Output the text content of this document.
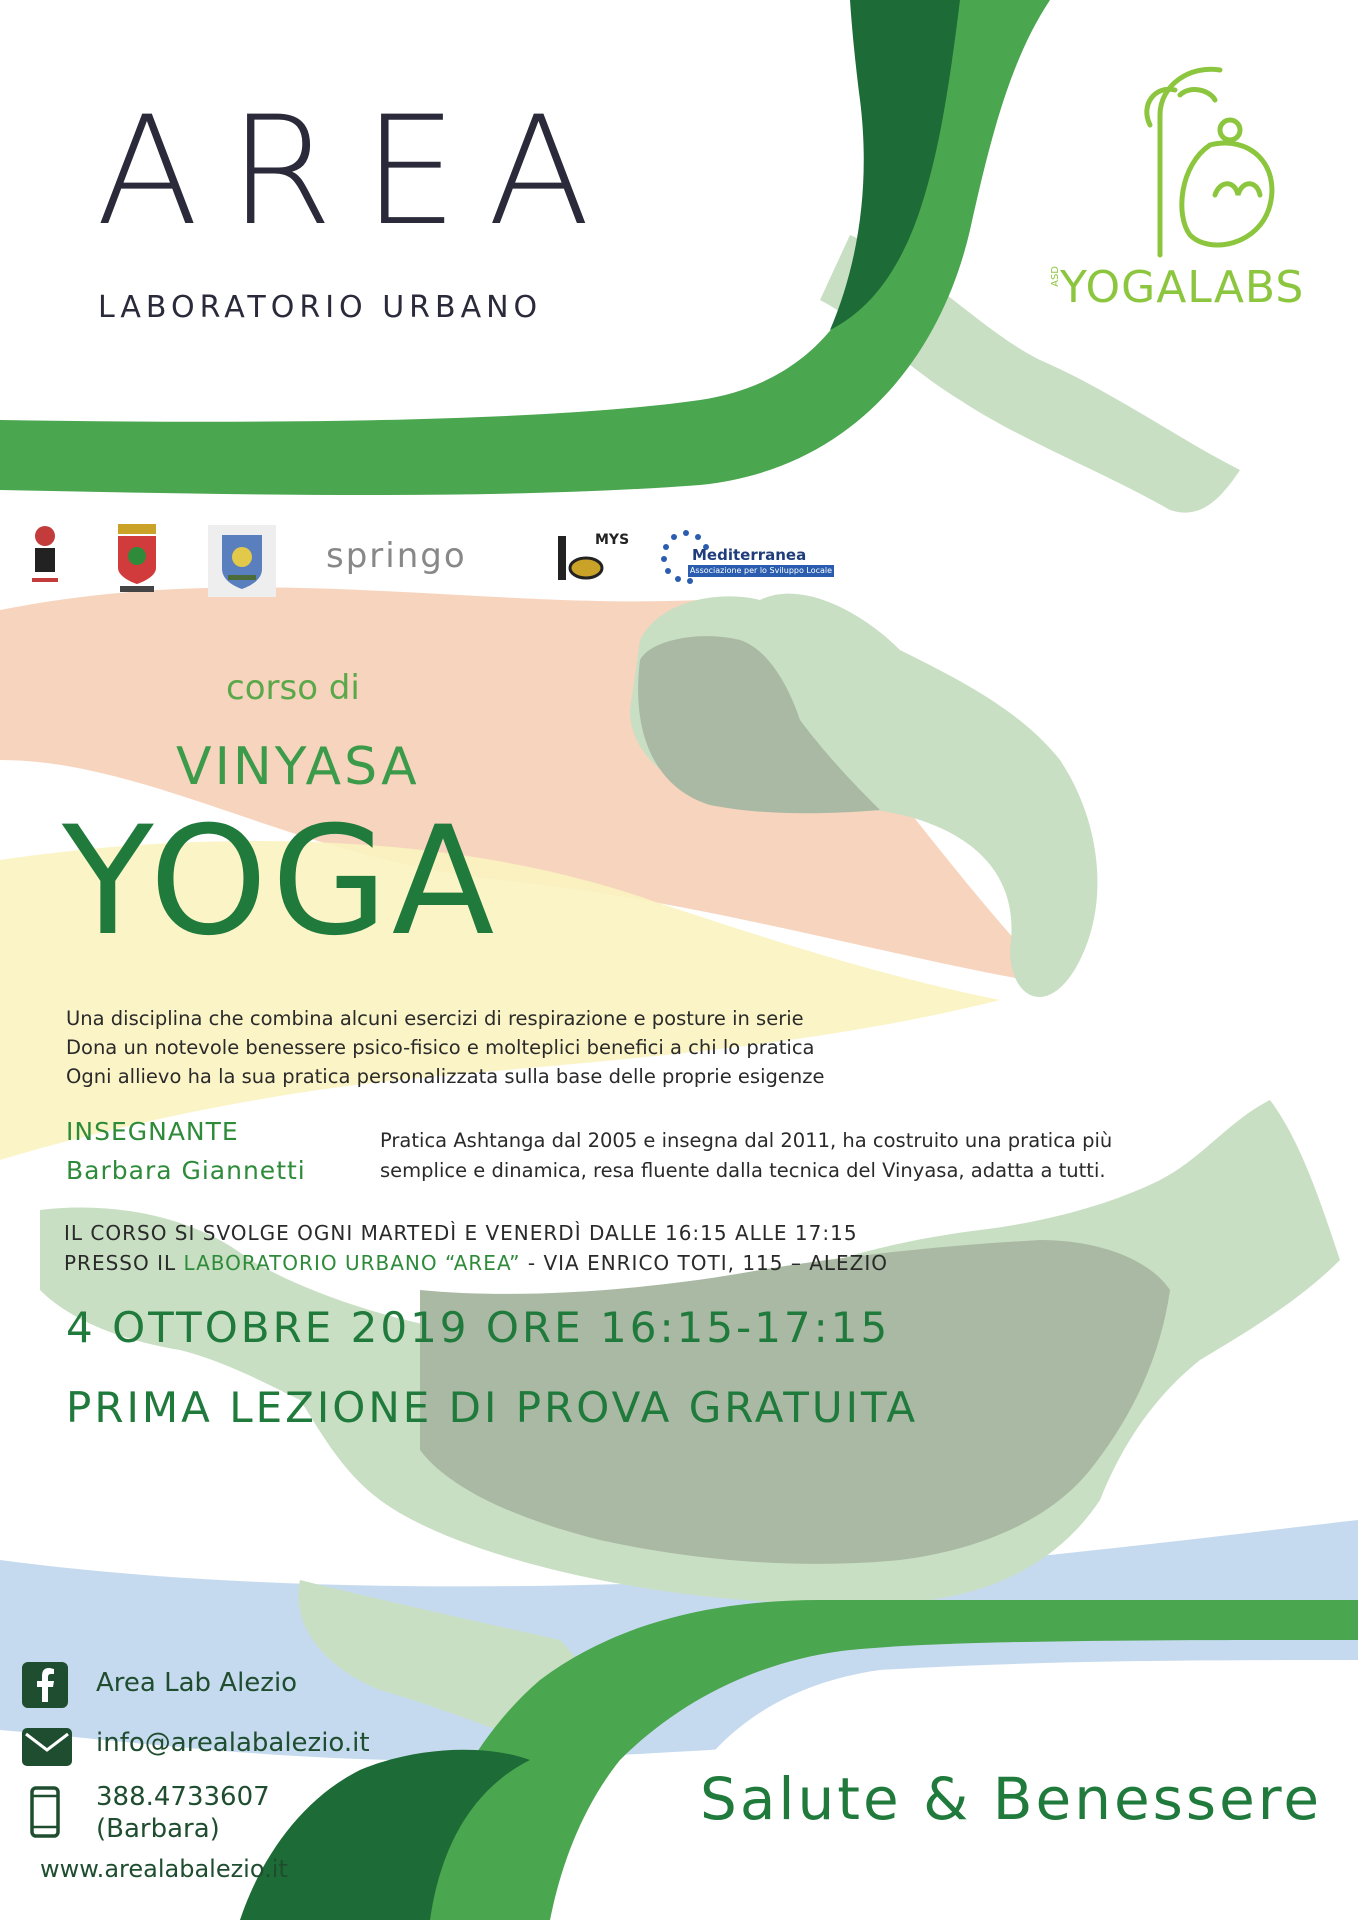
AREA
LABORATORIO URBANO	YOGALABS
ASD
springo	MYS
Mediterranea
Associazione per lo Sviluppo Locale
corso di
VINYASA
YOGA
Una disciplina che combina alcuni esercizi di respirazione e posture in serie
Dona un notevole benessere psico-fisico e molteplici benefici a chi lo pratica
Ogni allievo ha la sua pratica personalizzata sulla base delle proprie esigenze
INSEGNANTE
Barbara Giannetti
Pratica Ashtanga dal 2005 e insegna dal 2011, ha costruito una pratica più
semplice e dinamica, resa fluente dalla tecnica del Vinyasa, adatta a tutti.
IL CORSO SI SVOLGE OGNI MARTEDÌ E VENERDÌ DALLE 16:15 ALLE 17:15
PRESSO IL LABORATORIO URBANO “AREA” - VIA ENRICO TOTI, 115 – ALEZIO
4 OTTOBRE 2019 ORE 16:15-17:15
PRIMA LEZIONE DI PROVA GRATUITA
Area Lab Alezio
info@arealabalezio.it
388.4733607
(Barbara)
www.arealabalezio.it
Salute & Benessere
